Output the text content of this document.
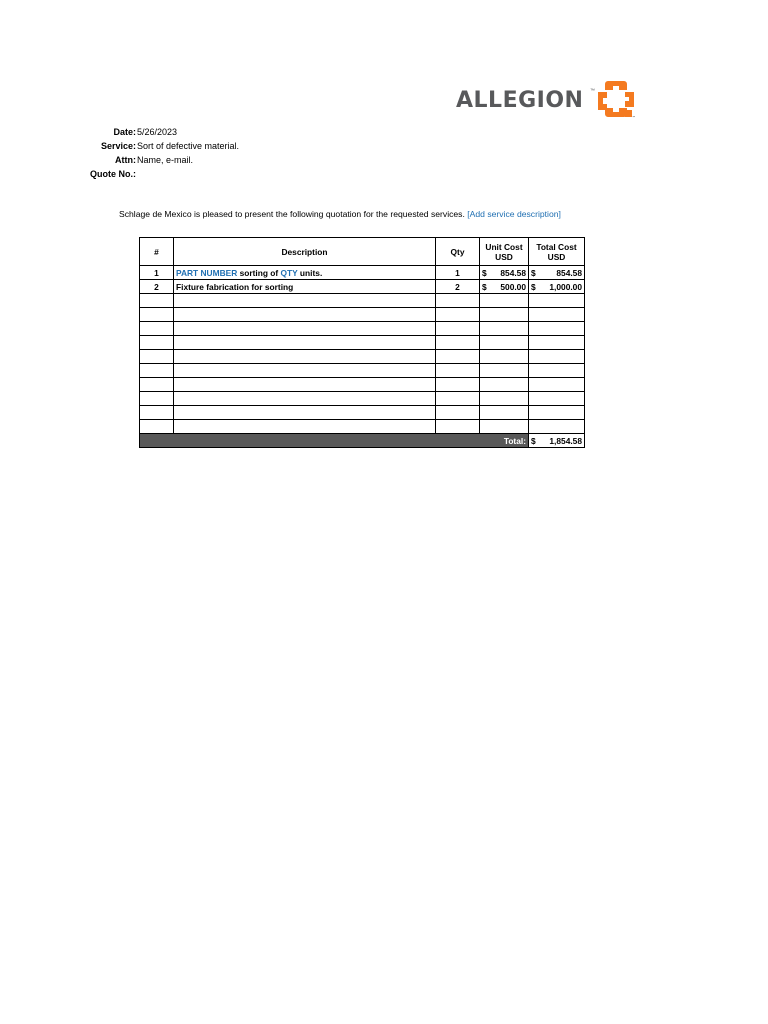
ALLEGION ™
™
Date: 5/26/2023
Service: Sort of defective material.
Attn: Name, e-mail.
Quote No.:
Schlage de Mexico is pleased to present the following quotation for the requested services. [Add service description]
#	Description	Qty	Unit Cost USD	Total Cost USD
1	PART NUMBER sorting of QTY units.	1	$ 854.58	$ 854.58

2	Fixture fabrication for sorting	2	$ 500.00	$ 1,000.00

Total:				$ 1,854.58
